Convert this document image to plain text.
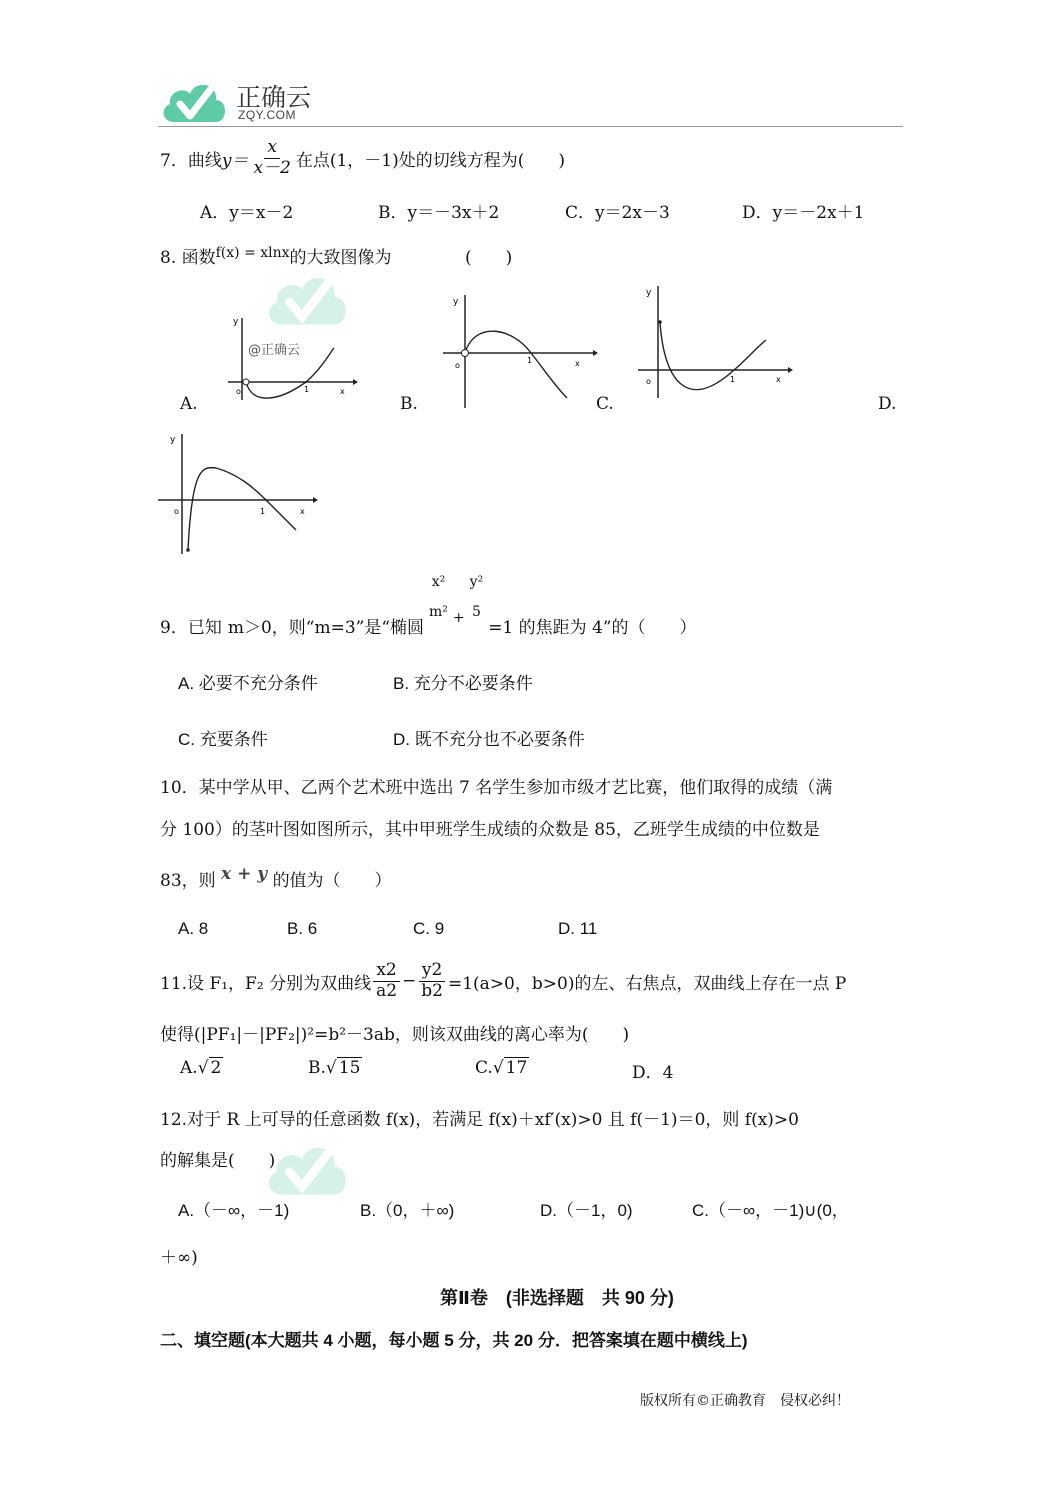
正确云
ZQY.COM
7．曲线 $y= \frac{x}{x-2}$ 在点(1，－1)处的切线方程为(　　)
A．y＝x－2	B．y＝－3x＋2	C．y＝2x－3	D．y＝－2x＋1
8. 函数$^{f(x) = xlnx}$的大致图像为	(　　)
y
@正确云
o	1	x
y
o
1	x
y
o	1	x
A.	B.	C.	D.
y
o	1	x
9．已知 m＞0，则“m=3”是“椭圆
x²
m² +
y²
5
=1 的焦距为 4”的（　　）
A. 必要不充分条件	B. 充分不必要条件
C. 充要条件	D. 既不充分也不必要条件
10．某中学从甲、乙两个艺术班中选出 7 名学生参加市级才艺比赛，他们取得的成绩（满
分 100）的茎叶图如图所示，其中甲班学生成绩的众数是 85，乙班学生成绩的中位数是
83，则 x + y 的值为（　　）
A. 8	B. 6	C. 9	D. 11
11.设 F₁，F₂ 分别为双曲线 $\frac{x2}{a2} - \frac{y2}{b2} =1(a>0$，b>0)的左、右焦点，双曲线上存在一点 P
使得(|PF₁|－|PF₂|)²=b²－3ab，则该双曲线的离心率为(　　)
A.√ 2	B.√ 15	C.√ 17	D．4
12.对于 R 上可导的任意函数 f(x)，若满足 f(x)＋xf′(x)>0 且 f(－1)＝0，则 f(x)>0
的解集是(　　)
A.（－∞，－1)	B.（0，＋∞)	D.（－1，0)	C.（－∞，－1)∪(0，
＋∞)
第Ⅱ卷　(非选择题　共 90 分)
二、填空题(本大题共 4 小题，每小题 5 分，共 20 分．把答案填在题中横线上)
版权所有©正确教育　侵权必纠！
